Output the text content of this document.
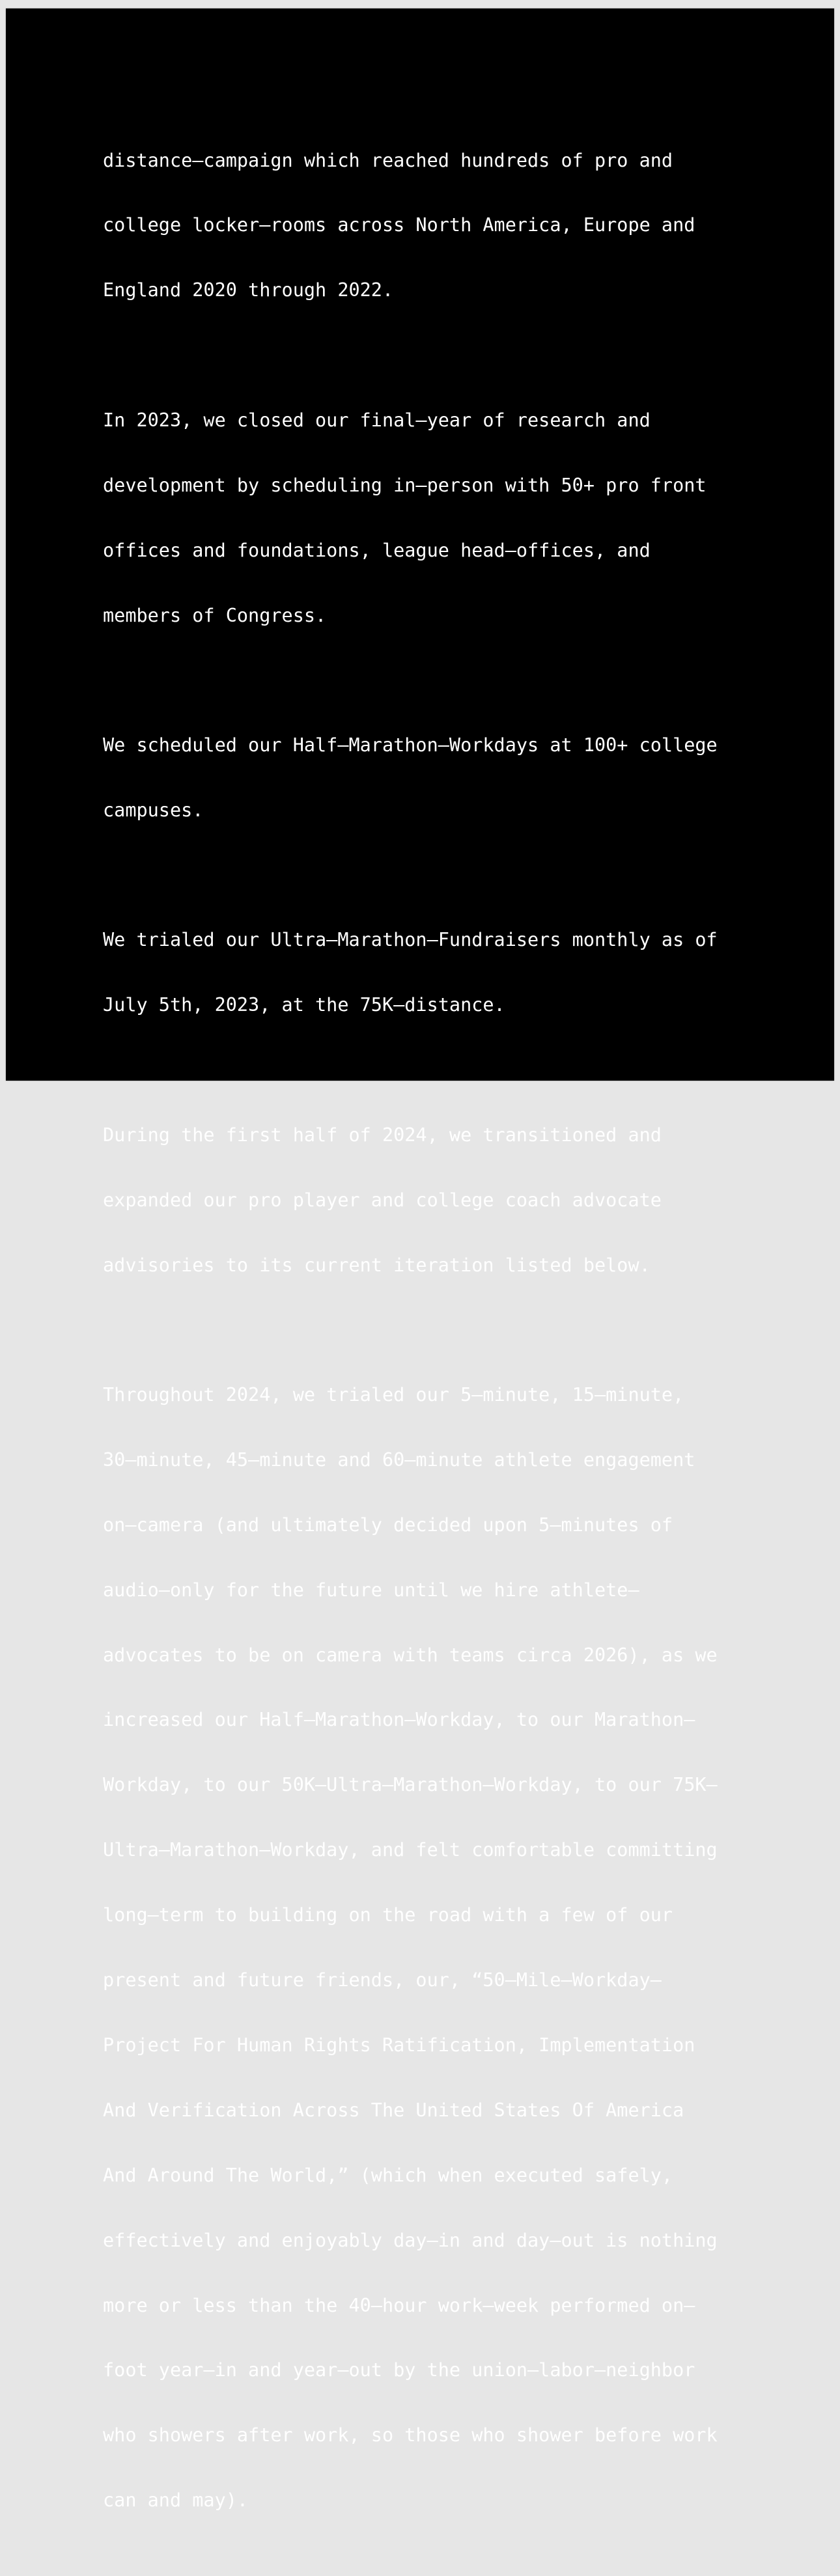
distance–campaign which reached hundreds of pro and

college locker–rooms across North America, Europe and

England 2020 through 2022.

In 2023, we closed our final–year of research and

development by scheduling in–person with 50+ pro front

offices and foundations, league head–offices, and

members of Congress.

We scheduled our Half–Marathon–Workdays at 100+ college

campuses.

We trialed our Ultra–Marathon–Fundraisers monthly as of

July 5th, 2023, at the 75K–distance.

During the first half of 2024, we transitioned and

expanded our pro player and college coach advocate

advisories to its current iteration listed below.

Throughout 2024, we trialed our 5–minute, 15–minute,

30–minute, 45–minute and 60–minute athlete engagement

on–camera (and ultimately decided upon 5–minutes of

audio–only for the future until we hire athlete–

advocates to be on camera with teams circa 2026), as we

increased our Half–Marathon–Workday, to our Marathon–

Workday, to our 50K–Ultra–Marathon–Workday, to our 75K–

Ultra–Marathon–Workday, and felt comfortable committing

long–term to building on the road with a few of our

present and future friends, our, “50–Mile–Workday–

Project For Human Rights Ratification, Implementation

And Verification Across The United States Of America

And Around The World,” (which when executed safely,

effectively and enjoyably day–in and day–out is nothing

more or less than the 40–hour work–week performed on–

foot year–in and year–out by the union–labor–neighbor

who showers after work, so those who shower before work

can and may).
